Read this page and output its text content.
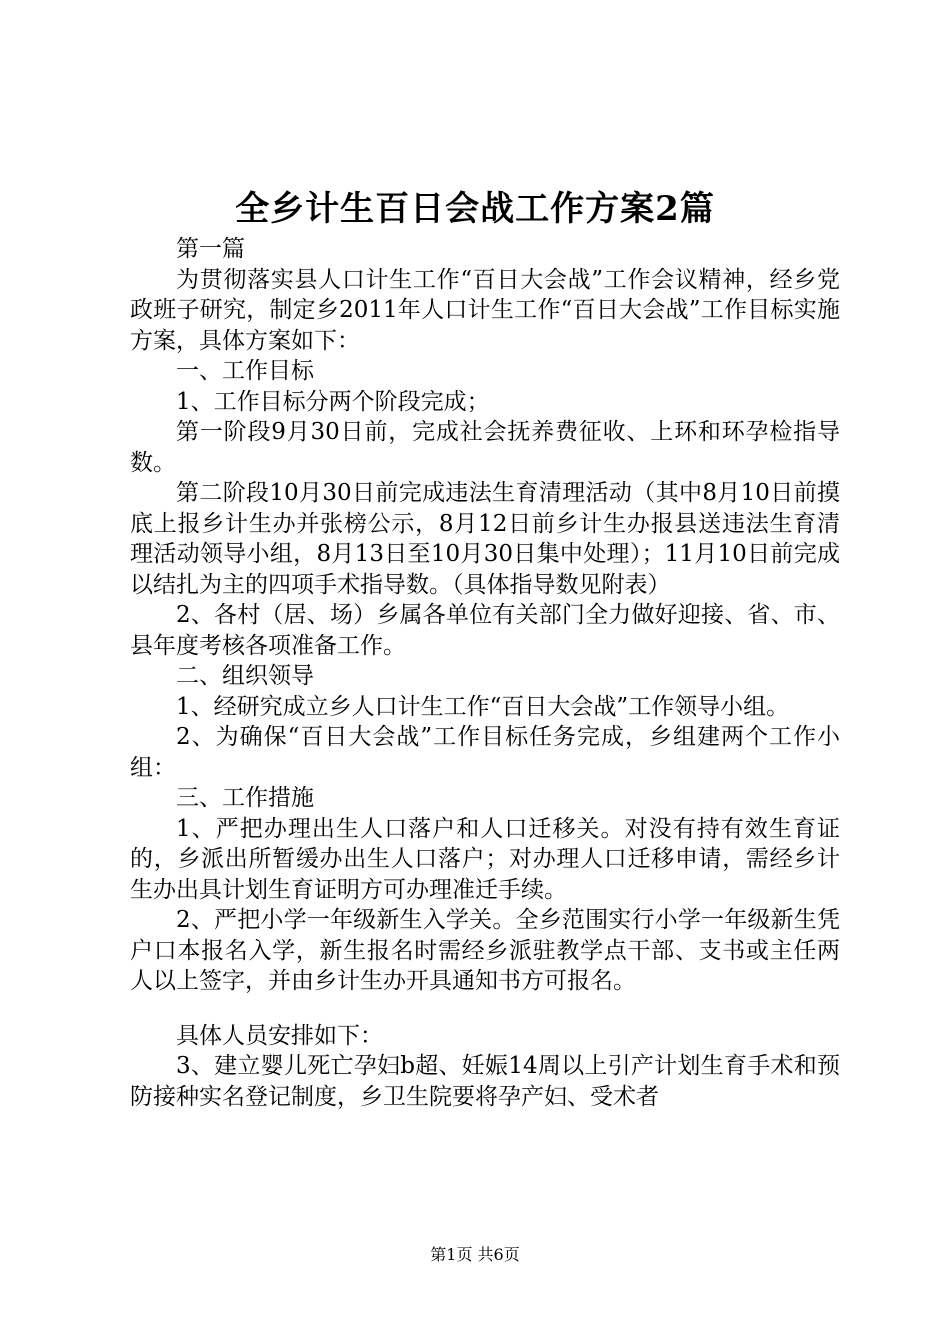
全乡计生百日会战工作方案2篇

第一篇

为贯彻落实县人口计生工作“百日大会战”工作会议精神，经乡党政班子研究，制定乡2011年人口计生工作“百日大会战”工作目标实施方案，具体方案如下：

一、工作目标

1、工作目标分两个阶段完成；

第一阶段9月30日前，完成社会抚养费征收、上环和环孕检指导数。

第二阶段10月30日前完成违法生育清理活动（其中8月10日前摸底上报乡计生办并张榜公示，8月12日前乡计生办报县送违法生育清理活动领导小组，8月13日至10月30日集中处理）；11月10日前完成以结扎为主的四项手术指导数。（具体指导数见附表）

2、各村（居、场）乡属各单位有关部门全力做好迎接、省、市、县年度考核各项准备工作。

二、组织领导

1、经研究成立乡人口计生工作“百日大会战”工作领导小组。

2、为确保“百日大会战”工作目标任务完成，乡组建两个工作小组：

三、工作措施

1、严把办理出生人口落户和人口迁移关。对没有持有效生育证的，乡派出所暂缓办出生人口落户；对办理人口迁移申请，需经乡计生办出具计划生育证明方可办理准迁手续。

2、严把小学一年级新生入学关。全乡范围实行小学一年级新生凭户口本报名入学，新生报名时需经乡派驻教学点干部、支书或主任两人以上签字，并由乡计生办开具通知书方可报名。

具体人员安排如下：

3、建立婴儿死亡孕妇b超、妊娠14周以上引产计划生育手术和预防接种实名登记制度，乡卫生院要将孕产妇、受术者

第1页 共6页
